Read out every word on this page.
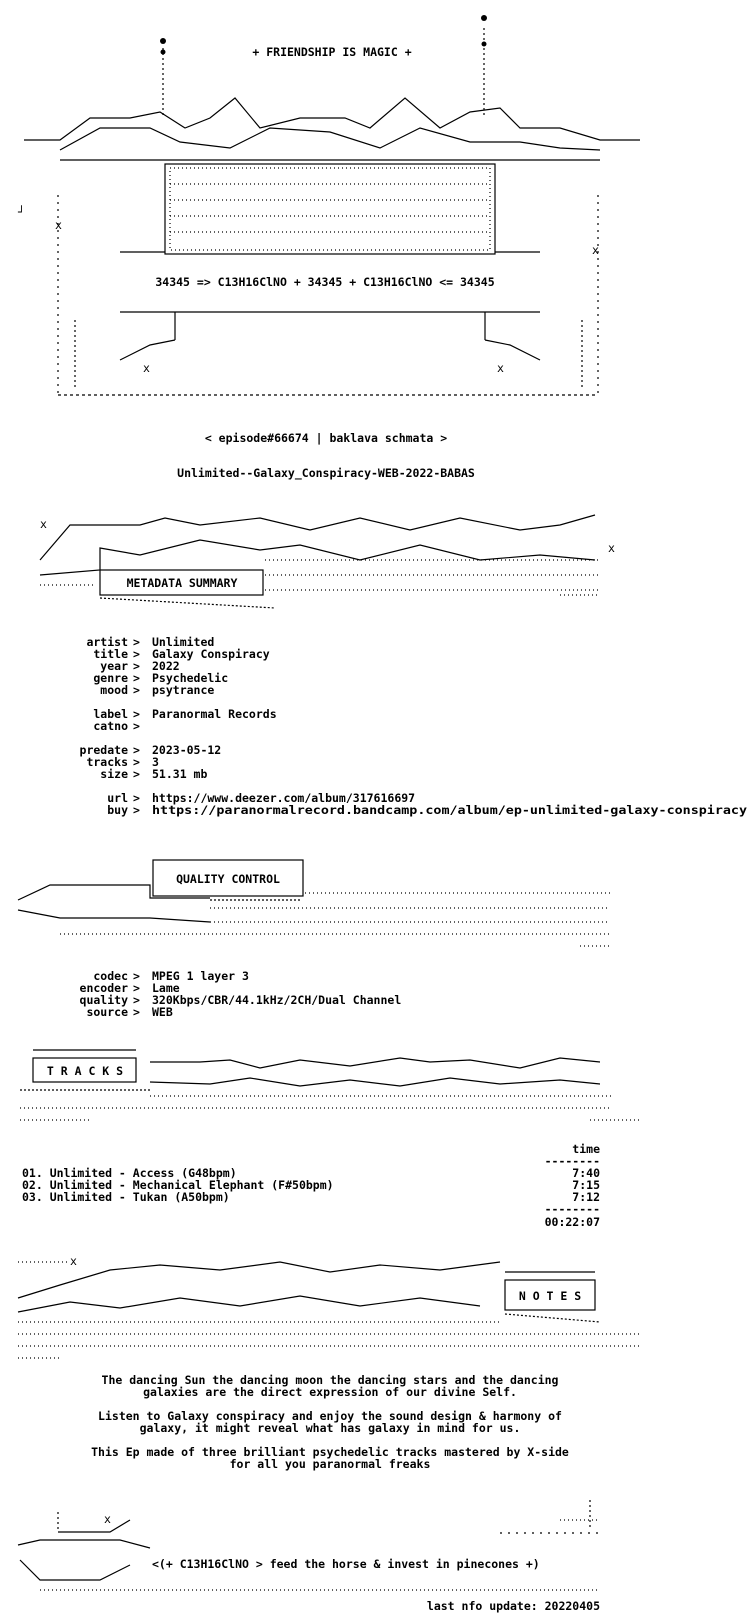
┘
x
x
x	x
+ FRIENDSHIP IS MAGIC +
34345 => C13H16ClNO + 34345 + C13H16ClNO <= 34345
< episode#66674 | baklava schmata >
Unlimited--Galaxy_Conspiracy-WEB-2022-BABAS
x
x
METADATA SUMMARY
artist > Unlimited
title > Galaxy Conspiracy
year > 2022
genre > Psychedelic
mood > psytrance
label > Paranormal Records
catno >
predate > 2023-05-12
tracks > 3
size > 51.31 mb
url > https://www.deezer.com/album/317616697
buy > https://paranormalrecord.bandcamp.com/album/ep-unlimited-galaxy-conspiracy
QUALITY CONTROL
codec > MPEG 1 layer 3
encoder > Lame
quality > 320Kbps/CBR/44.1kHz/2CH/Dual Channel
source > WEB
T R A C K S
time
--------
01. Unlimited - Access (G48bpm)	7:40
02. Unlimited - Mechanical Elephant (F#50bpm)	7:15
03. Unlimited - Tukan (A50bpm)	7:12
--------
00:22:07
x
N O T E S
The dancing Sun the dancing moon the dancing stars and the dancing
galaxies are the direct expression of our divine Self.
Listen to Galaxy conspiracy and enjoy the sound design & harmony of
galaxy, it might reveal what has galaxy in mind for us.
This Ep made of three brilliant psychedelic tracks mastered by X-side
for all you paranormal freaks
x
<(+ C13H16ClNO > feed the horse & invest in pinecones +)
last nfo update: 20220405
